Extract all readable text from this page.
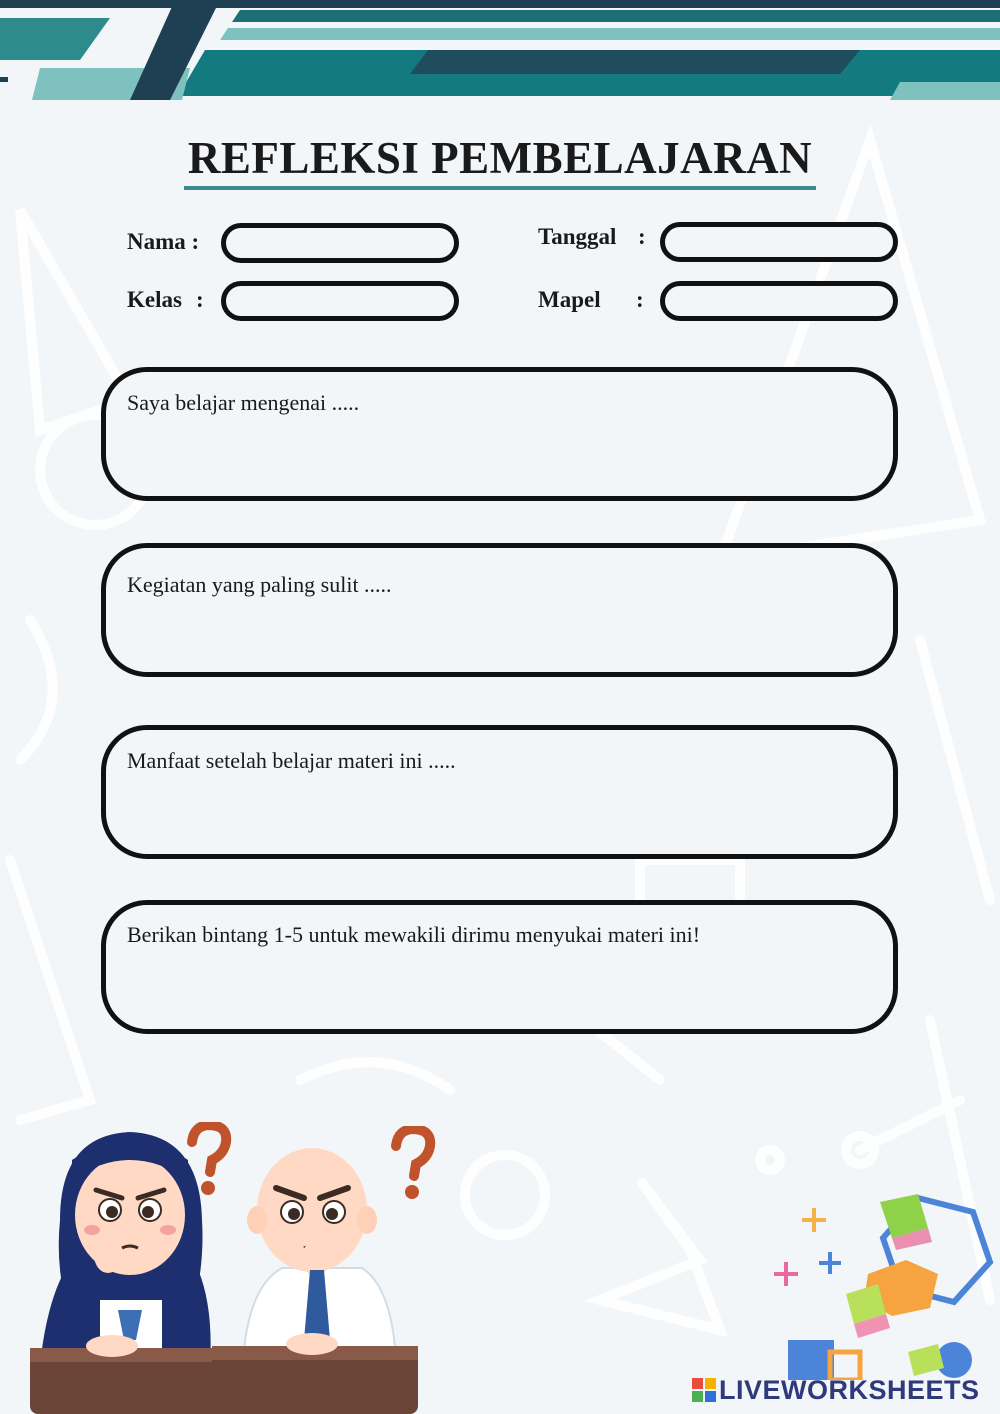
REFLEKSI PEMBELAJARAN
Nama :	Tanggal :
Kelas :	Mapel :
Saya belajar mengenai .....
Kegiatan yang paling sulit .....
Manfaat setelah belajar materi ini .....
Berikan bintang 1-5 untuk mewakili dirimu menyukai materi ini!
LIVEWORKSHEETS
